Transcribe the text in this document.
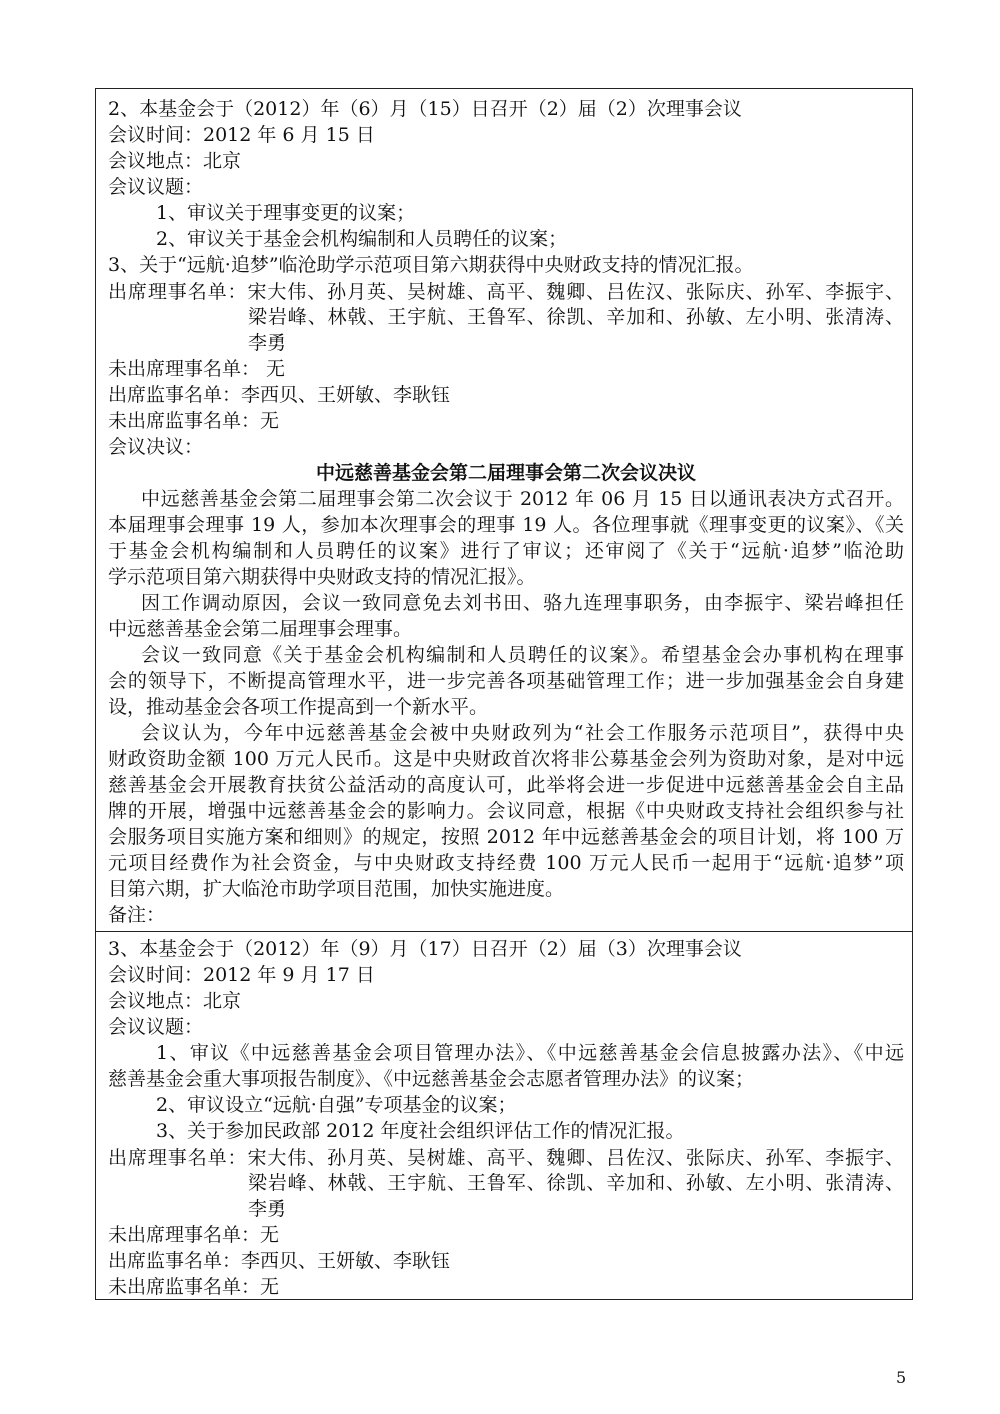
2、本基金会于（2012）年（6）月（15）日召开（2）届（2）次理事会议
会议时间：2012 年 6 月 15 日
会议地点：北京
会议议题：
1、审议关于理事变更的议案；
2、审议关于基金会机构编制和人员聘任的议案；
3、关于“远航·追梦”临沧助学示范项目第六期获得中央财政支持的情况汇报。
出席理事名单：宋大伟、孙月英、吴树雄、高平、魏卿、吕佐汉、张际庆、孙军、李振宇、
梁岩峰、林戟、王宇航、王鲁军、徐凯、辛加和、孙敏、左小明、张清涛、
李勇
未出席理事名单： 无
出席监事名单：李西贝、王妍敏、李耿钰
未出席监事名单：无
会议决议：
中远慈善基金会第二届理事会第二次会议决议
中远慈善基金会第二届理事会第二次会议于 2012 年 06 月 15 日以通讯表决方式召开。
本届理事会理事 19 人，参加本次理事会的理事 19 人。各位理事就《理事变更的议案》、《关
于基金会机构编制和人员聘任的议案》进行了审议；还审阅了《关于“远航·追梦”临沧助
学示范项目第六期获得中央财政支持的情况汇报》。
因工作调动原因，会议一致同意免去刘书田、骆九连理事职务，由李振宇、梁岩峰担任
中远慈善基金会第二届理事会理事。
会议一致同意《关于基金会机构编制和人员聘任的议案》。希望基金会办事机构在理事
会的领导下，不断提高管理水平，进一步完善各项基础管理工作；进一步加强基金会自身建
设，推动基金会各项工作提高到一个新水平。
会议认为，今年中远慈善基金会被中央财政列为“社会工作服务示范项目”，获得中央
财政资助金额 100 万元人民币。这是中央财政首次将非公募基金会列为资助对象，是对中远
慈善基金会开展教育扶贫公益活动的高度认可，此举将会进一步促进中远慈善基金会自主品
牌的开展，增强中远慈善基金会的影响力。会议同意，根据《中央财政支持社会组织参与社
会服务项目实施方案和细则》的规定，按照 2012 年中远慈善基金会的项目计划，将 100 万
元项目经费作为社会资金，与中央财政支持经费 100 万元人民币一起用于“远航·追梦”项
目第六期，扩大临沧市助学项目范围，加快实施进度。
备注：
3、本基金会于（2012）年（9）月（17）日召开（2）届（3）次理事会议
会议时间：2012 年 9 月 17 日
会议地点：北京
会议议题：
1、审议《中远慈善基金会项目管理办法》、《中远慈善基金会信息披露办法》、《中远
慈善基金会重大事项报告制度》、《中远慈善基金会志愿者管理办法》的议案；
2、审议设立“远航·自强”专项基金的议案；
3、关于参加民政部 2012 年度社会组织评估工作的情况汇报。
出席理事名单：宋大伟、孙月英、吴树雄、高平、魏卿、吕佐汉、张际庆、孙军、李振宇、
梁岩峰、林戟、王宇航、王鲁军、徐凯、辛加和、孙敏、左小明、张清涛、
李勇
未出席理事名单：无
出席监事名单：李西贝、王妍敏、李耿钰
未出席监事名单：无
5
